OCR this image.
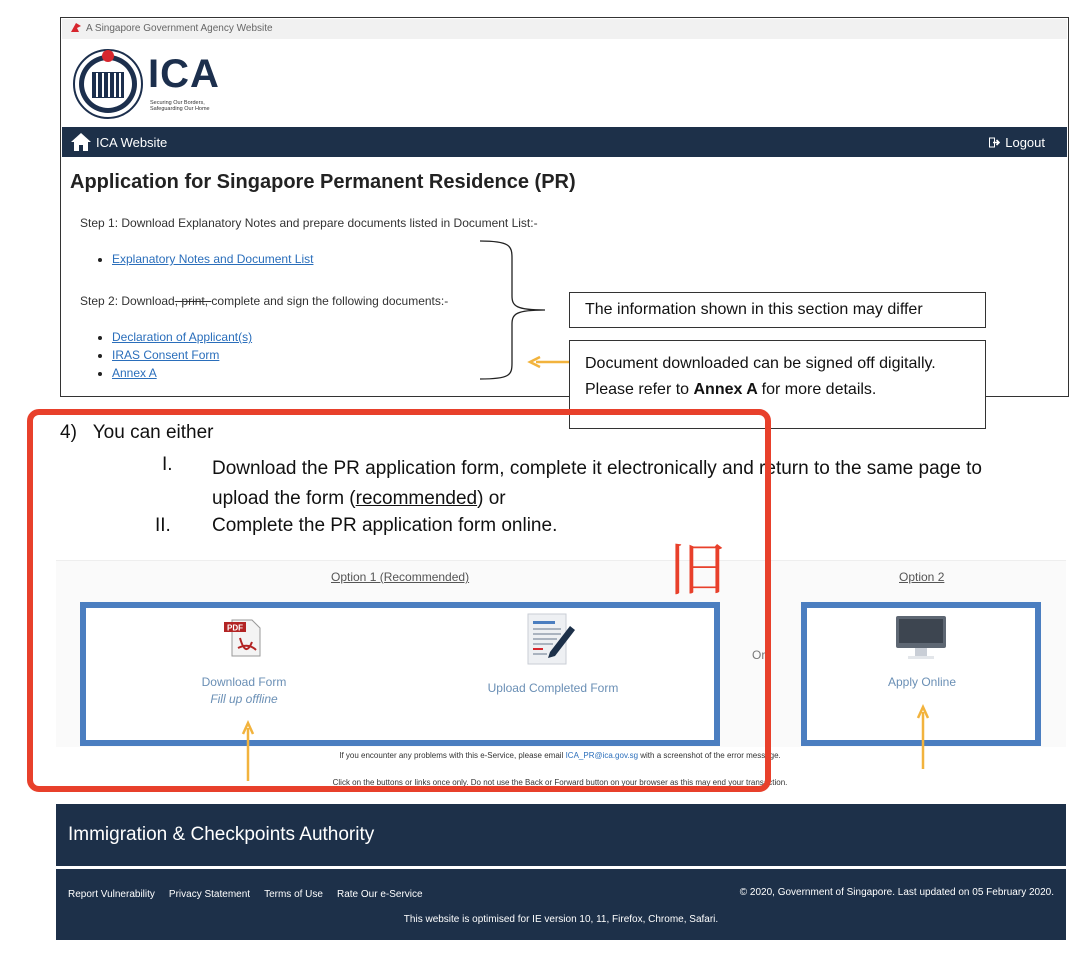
A Singapore Government Agency Website
ICA
Securing Our Borders, Safeguarding Our Home
ICA Website	Logout
Application for Singapore Permanent Residence (PR)
Step 1: Download Explanatory Notes and prepare documents listed in Document List:-
• Explanatory Notes and Document List
Step 2: Download, print, complete and sign the following documents:-
• Declaration of Applicant(s)
• IRAS Consent Form
• Annex A
The information shown in this section may differ
Document downloaded can be signed off digitally. Please refer to Annex A for more details.
4)   You can either
I. Download the PR application form, complete it electronically and return to the same page to upload the form (recommended) or
II. Complete the PR application form online.
Option 1 (Recommended)	Option 2
PDF
Download Form
Fill up offline
Upload Completed Form
Or
Apply Online
If you encounter any problems with this e-Service, please email ICA_PR@ica.gov.sg with a screenshot of the error message.
Click on the buttons or links once only. Do not use the Back or Forward button on your browser as this may end your transaction.
Immigration & Checkpoints Authority
Report Vulnerability Privacy Statement Terms of Use Rate Our e-Service	© 2020, Government of Singapore. Last updated on 05 February 2020.
This website is optimised for IE version 10, 11, Firefox, Chrome, Safari.
旧
